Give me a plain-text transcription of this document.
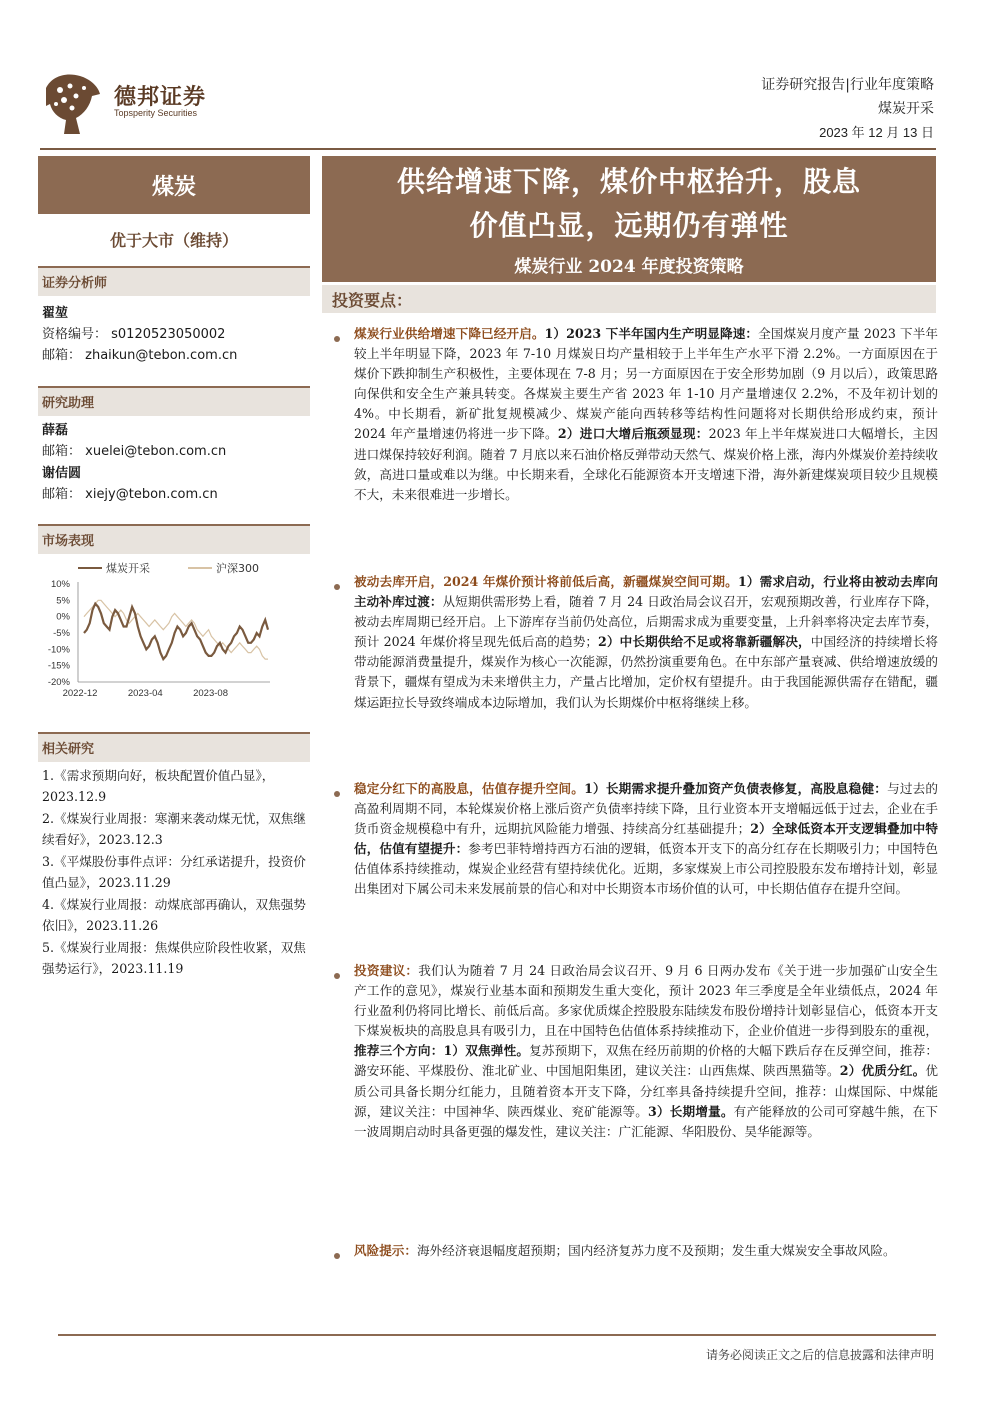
德邦证券
Topsperity Securities
证券研究报告|行业年度策略
煤炭开采
2023 年 12 月 13 日
煤炭
优于大市（维持）
证券分析师
翟堃
资格编号： s0120523050002
邮箱： zhaikun@tebon.com.cn
研究助理
薛磊
邮箱： xuelei@tebon.com.cn
谢佶圆
邮箱： xiejy@tebon.com.cn
市场表现
煤炭开采	沪深300
10%
5%
0%
-5%
-10%
-15%
-20%
2022-12	2023-04	2023-08
相关研究
1.《需求预期向好，板块配置价值凸显》，2023.12.9
2.《煤炭行业周报：寒潮来袭动煤无忧，双焦继续看好》，2023.12.3
3.《平煤股份事件点评：分红承诺提升，投资价值凸显》，2023.11.29
4.《煤炭行业周报：动煤底部再确认，双焦强势依旧》，2023.11.26
5.《煤炭行业周报：焦煤供应阶段性收紧，双焦强势运行》，2023.11.19
供给增速下降，煤价中枢抬升，股息
价值凸显，远期仍有弹性
煤炭行业 2024 年度投资策略
投资要点：
煤炭行业供给增速下降已经开启。1）2023 下半年国内生产明显降速：全国煤炭月度产量 2023 下半年较上半年明显下降，2023 年 7-10 月煤炭日均产量相较于上半年生产水平下滑 2.2%。一方面原因在于煤价下跌抑制生产积极性，主要体现在 7-8 月；另一方面原因在于安全形势加剧（9 月以后），政策思路向保供和安全生产兼具转变。各煤炭主要生产省 2023 年 1-10 月产量增速仅 2.2%，不及年初计划的 4%。中长期看，新矿批复规模减少、煤炭产能向西转移等结构性问题将对长期供给形成约束，预计 2024 年产量增速仍将进一步下降。2）进口大增后瓶颈显现：2023 年上半年煤炭进口大幅增长，主因进口煤保持较好利润。随着 7 月底以来石油价格反弹带动天然气、煤炭价格上涨，海内外煤炭价差持续收敛，高进口量或难以为继。中长期来看，全球化石能源资本开支增速下滑，海外新建煤炭项目较少且规模不大，未来很难进一步增长。
被动去库开启，2024 年煤价预计将前低后高，新疆煤炭空间可期。1）需求启动，行业将由被动去库向主动补库过渡：从短期供需形势上看，随着 7 月 24 日政治局会议召开，宏观预期改善，行业库存下降，被动去库周期已经开启。上下游库存当前仍处高位，后期需求成为重要变量，上升斜率将决定去库节奏，预计 2024 年煤价将呈现先低后高的趋势；2）中长期供给不足或将靠新疆解决，中国经济的持续增长将带动能源消费量提升，煤炭作为核心一次能源，仍然扮演重要角色。在中东部产量衰减、供给增速放缓的背景下，疆煤有望成为未来增供主力，产量占比增加，定价权有望提升。由于我国能源供需存在错配，疆煤运距拉长导致终端成本边际增加，我们认为长期煤价中枢将继续上移。
稳定分红下的高股息，估值存提升空间。1）长期需求提升叠加资产负债表修复，高股息稳健：与过去的高盈利周期不同，本轮煤炭价格上涨后资产负债率持续下降，且行业资本开支增幅远低于过去，企业在手货币资金规模稳中有升，远期抗风险能力增强、持续高分红基础提升；2）全球低资本开支逻辑叠加中特估，估值有望提升：参考巴菲特增持西方石油的逻辑，低资本开支下的高分红存在长期吸引力；中国特色估值体系持续推动，煤炭企业经营有望持续优化。近期，多家煤炭上市公司控股股东发布增持计划，彰显出集团对下属公司未来发展前景的信心和对中长期资本市场价值的认可，中长期估值存在提升空间。
投资建议：我们认为随着 7 月 24 日政治局会议召开、9 月 6 日两办发布《关于进一步加强矿山安全生产工作的意见》，煤炭行业基本面和预期发生重大变化，预计 2023 年三季度是全年业绩低点，2024 年行业盈利仍将同比增长、前低后高。多家优质煤企控股股东陆续发布股份增持计划彰显信心，低资本开支下煤炭板块的高股息具有吸引力，且在中国特色估值体系持续推动下，企业价值进一步得到股东的重视，推荐三个方向：1）双焦弹性。复苏预期下，双焦在经历前期的价格的大幅下跌后存在反弹空间，推荐：潞安环能、平煤股份、淮北矿业、中国旭阳集团，建议关注：山西焦煤、陕西黑猫等。2）优质分红。优质公司具备长期分红能力，且随着资本开支下降，分红率具备持续提升空间，推荐：山煤国际、中煤能源，建议关注：中国神华、陕西煤业、兖矿能源等。3）长期增量。有产能释放的公司可穿越牛熊，在下一波周期启动时具备更强的爆发性，建议关注：广汇能源、华阳股份、昊华能源等。
风险提示：海外经济衰退幅度超预期；国内经济复苏力度不及预期；发生重大煤炭安全事故风险。
请务必阅读正文之后的信息披露和法律声明
